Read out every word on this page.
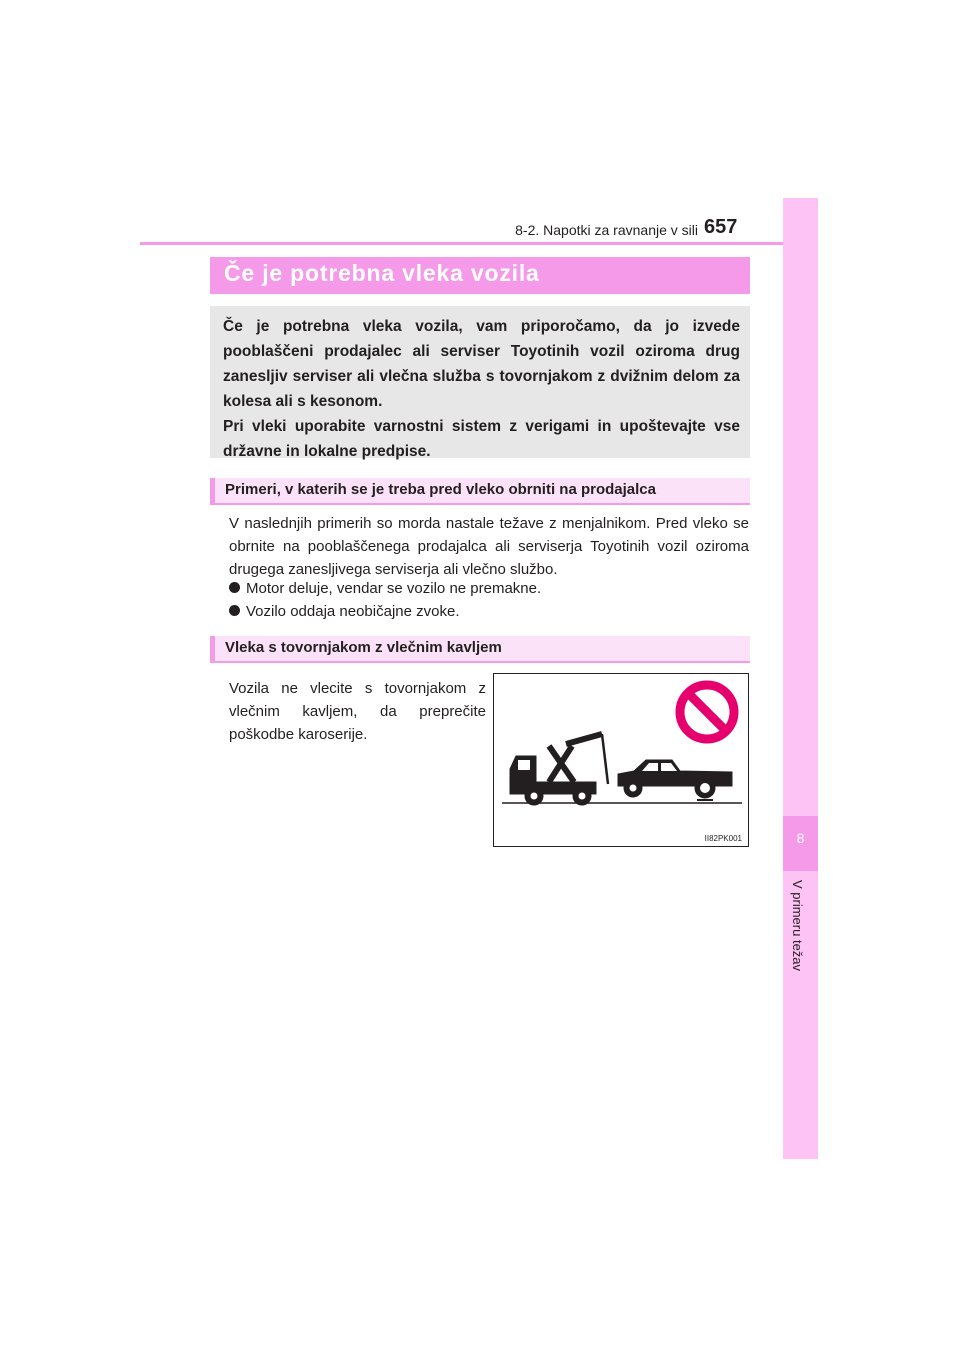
8-2. Napotki za ravnanje v sili 657
8
V primeru težav
Če je potrebna vleka vozila

Če je potrebna vleka vozila, vam priporočamo, da jo izvede pooblaščeni prodajalec ali serviser Toyotinih vozil oziroma drug zanesljiv serviser ali vlečna služba s tovornjakom z dvižnim delom za kolesa ali s kesonom.

Pri vleki uporabite varnostni sistem z verigami in upoštevajte vse državne in lokalne predpise.

Primeri, v katerih se je treba pred vleko obrniti na prodajalca
V naslednjih primerih so morda nastale težave z menjalnikom. Pred vleko se obrnite na pooblaščenega prodajalca ali serviserja Toyotinih vozil oziroma drugega zanesljivega serviserja ali vlečno službo.
Motor deluje, vendar se vozilo ne premakne.
Vozilo oddaja neobičajne zvoke.
Vleka s tovornjakom z vlečnim kavljem
Vozila ne vlecite s tovornjakom z vlečnim kavljem, da preprečite poškodbe karoserije.
II82PK001
